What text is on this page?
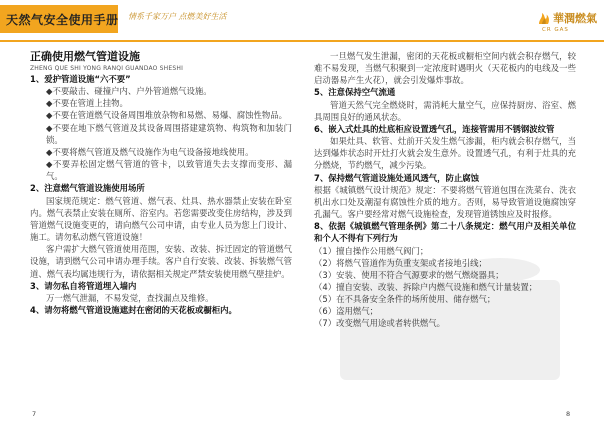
天然气安全使用手册 情系千家万户 点燃美好生活	華潤燃氣
CR GAS

正确使用燃气管道设施

ZHENG QUE SHI YONG RANQI GUANDAO SHESHI

1、爱护管道设施“六不要”

◆不要敲击、碰撞户内、户外管道燃气设施。

◆不要在管道上挂物。

◆不要在管道燃气设备周围堆放杂物和易燃、易爆、腐蚀性物品。

◆不要在地下燃气管道及其设备周围搭建建筑物、构筑物和加装门锁。

◆不要将燃气管道及燃气设施作为电气设备接地线使用。

◆不要弄松固定燃气管道的管卡，以致管道失去支撑而变形、漏气。

2、注意燃气管道设施使用场所

国家规范规定：燃气管道、燃气表、灶具、热水器禁止安装在卧室内。燃气表禁止安装在厕所、浴室内。若您需要改变住房结构，涉及到管道燃气设施变更的，请向燃气公司申请，由专业人员为您上门设计、施工。请勿私动燃气管道设施！

客户需扩大燃气管道使用范围，安装、改装、拆迁固定的管道燃气设施，请到燃气公司申请办理手续。客户自行安装、改装、拆装燃气管道、燃气表均属违规行为，请依据相关规定严禁安装使用燃气壁挂炉。

3、请勿私自将管道埋入墙内

万一燃气泄漏，不易发觉，查找漏点及维修。

4、请勿将燃气管道设施遮封在密闭的天花板或橱柜内。

7

一旦燃气发生泄漏，密闭的天花板或橱柜空间内就会积存燃气，较难不易发现，当燃气积聚到一定浓度时遇明火（天花板内的电线及一些启动器易产生火花），就会引发爆炸事故。

5、注意保持空气流通

管道天然气完全燃烧时，需消耗大量空气，应保持厨房、浴室、燃具周围良好的通风状态。

6、嵌入式灶具的灶底柜应设置透气孔，连接管需用不锈钢波纹管

如果灶具、软管、灶前开关发生燃气渗漏，柜内就会积存燃气，当达到爆炸状态时开灶打火就会发生意外。设置透气孔，有利于灶具的充分燃烧，节约燃气，减少污染。

7、保持燃气管道设施处通风透气，防止腐蚀

根据《城镇燃气设计规范》规定：不要将燃气管道包围在洗菜台、洗衣机出水口处及潮湿有腐蚀性介质的地方。否则，易导致管道设施腐蚀穿孔漏气。客户要经常对燃气设施检查，发现管道锈蚀应及时报修。

8、依据《城镇燃气管理条例》第二十八条规定：燃气用户及相关单位和个人不得有下列行为

（1）擅自操作公用燃气阀门；

（2）将燃气管道作为负重支架或者接地引线；

（3）安装、使用不符合气源要求的燃气燃烧器具；

（4）擅自安装、改装、拆除户内燃气设施和燃气计量装置；

（5）在不具备安全条件的场所使用、储存燃气；

（6）盗用燃气；

（7）改变燃气用途或者转供燃气。

8
